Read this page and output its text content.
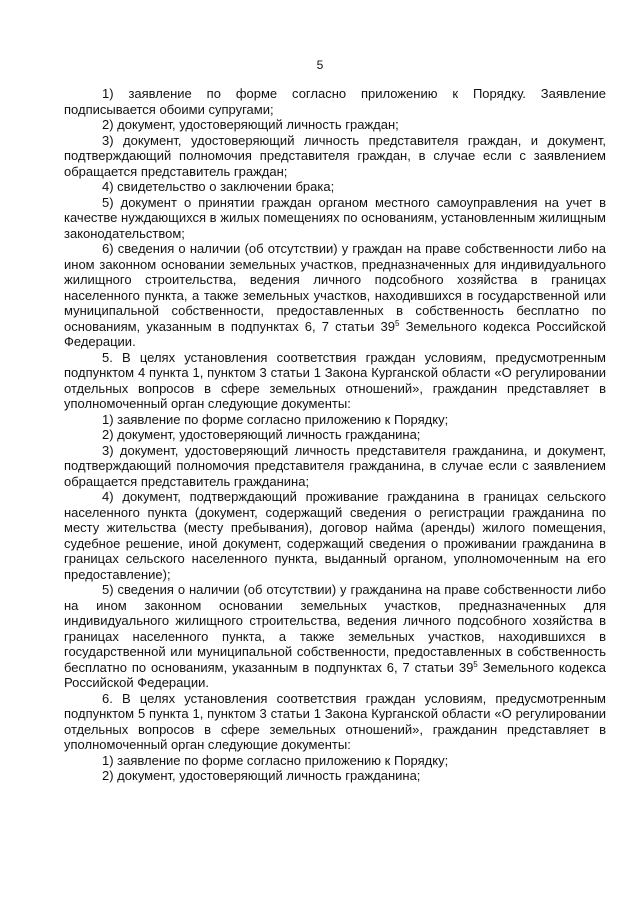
5

1) заявление по форме согласно приложению к Порядку. Заявление подписывается обоими супругами;

2) документ, удостоверяющий личность граждан;

3) документ, удостоверяющий личность представителя граждан, и документ, подтверждающий полномочия представителя граждан, в случае если с заявлением обращается представитель граждан;

4) свидетельство о заключении брака;

5) документ о принятии граждан органом местного самоуправления на учет в качестве нуждающихся в жилых помещениях по основаниям, установленным жилищным законодательством;

6) сведения о наличии (об отсутствии) у граждан на праве собственности либо на ином законном основании земельных участков, предназначенных для индивидуального жилищного строительства, ведения личного подсобного хозяйства в границах населенного пункта, а также земельных участков, находившихся в государственной или муниципальной собственности, предоставленных в собственность бесплатно по основаниям, указанным в подпунктах 6, 7 статьи $39^5$ Земельного кодекса Российской Федерации.

5. В целях установления соответствия граждан условиям, предусмотренным подпунктом 4 пункта 1, пунктом 3 статьи 1 Закона Курганской области «О регулировании отдельных вопросов в сфере земельных отношений», гражданин представляет в уполномоченный орган следующие документы:

1) заявление по форме согласно приложению к Порядку;

2) документ, удостоверяющий личность гражданина;

3) документ, удостоверяющий личность представителя гражданина, и документ, подтверждающий полномочия представителя гражданина, в случае если с заявлением обращается представитель гражданина;

4) документ, подтверждающий проживание гражданина в границах сельского населенного пункта (документ, содержащий сведения о регистрации гражданина по месту жительства (месту пребывания), договор найма (аренды) жилого помещения, судебное решение, иной документ, содержащий сведения о проживании гражданина в границах сельского населенного пункта, выданный органом, уполномоченным на его предоставление);

5) сведения о наличии (об отсутствии) у гражданина на праве собственности либо на ином законном основании земельных участков, предназначенных для индивидуального жилищного строительства, ведения личного подсобного хозяйства в границах населенного пункта, а также земельных участков, находившихся в государственной или муниципальной собственности, предоставленных в собственность бесплатно по основаниям, указанным в подпунктах 6, 7 статьи $39^5$ Земельного кодекса Российской Федерации.

6. В целях установления соответствия граждан условиям, предусмотренным подпунктом 5 пункта 1, пунктом 3 статьи 1 Закона Курганской области «О регулировании отдельных вопросов в сфере земельных отношений», гражданин представляет в уполномоченный орган следующие документы:

1) заявление по форме согласно приложению к Порядку;

2) документ, удостоверяющий личность гражданина;
